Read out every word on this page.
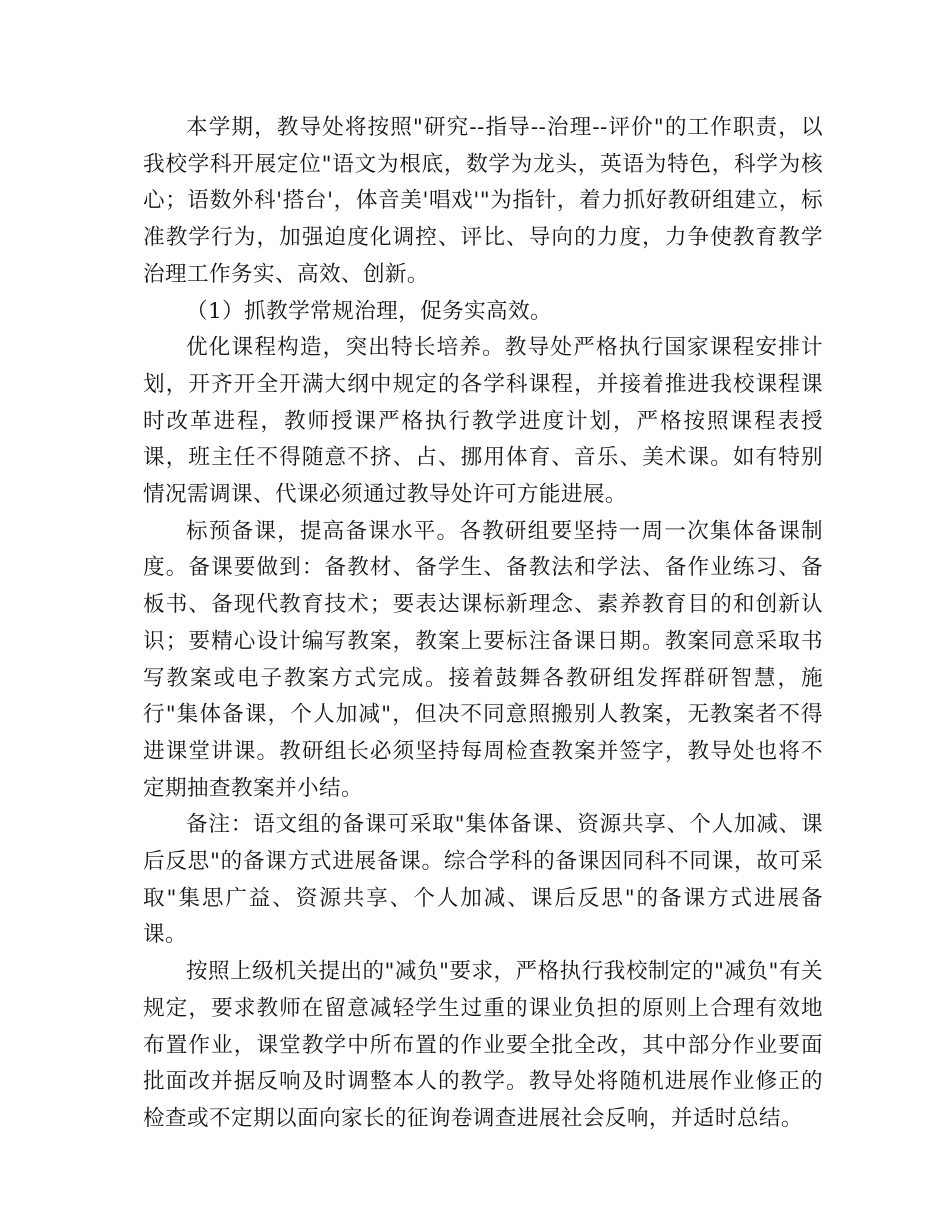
本学期，教导处将按照"研究--指导--治理--评价"的工作职责，以我校学科开展定位"语文为根底，数学为龙头，英语为特色，科学为核心；语数外科'搭台'，体音美'唱戏'"为指针，着力抓好教研组建立，标准教学行为，加强迫度化调控、评比、导向的力度，力争使教育教学治理工作务实、高效、创新。

（1）抓教学常规治理，促务实高效。

优化课程构造，突出特长培养。教导处严格执行国家课程安排计划，开齐开全开满大纲中规定的各学科课程，并接着推进我校课程课时改革进程，教师授课严格执行教学进度计划，严格按照课程表授课，班主任不得随意不挤、占、挪用体育、音乐、美术课。如有特别情况需调课、代课必须通过教导处许可方能进展。

标预备课，提高备课水平。各教研组要坚持一周一次集体备课制度。备课要做到：备教材、备学生、备教法和学法、备作业练习、备板书、备现代教育技术；要表达课标新理念、素养教育目的和创新认识；要精心设计编写教案，教案上要标注备课日期。教案同意采取书写教案或电子教案方式完成。接着鼓舞各教研组发挥群研智慧，施行"集体备课，个人加减"，但决不同意照搬别人教案，无教案者不得进课堂讲课。教研组长必须坚持每周检查教案并签字，教导处也将不定期抽查教案并小结。

备注：语文组的备课可采取"集体备课、资源共享、个人加减、课后反思"的备课方式进展备课。综合学科的备课因同科不同课，故可采取"集思广益、资源共享、个人加减、课后反思"的备课方式进展备课。

按照上级机关提出的"减负"要求，严格执行我校制定的"减负"有关规定，要求教师在留意减轻学生过重的课业负担的原则上合理有效地布置作业，课堂教学中所布置的作业要全批全改，其中部分作业要面批面改并据反响及时调整本人的教学。教导处将随机进展作业修正的检查或不定期以面向家长的征询卷调查进展社会反响，并适时总结。
